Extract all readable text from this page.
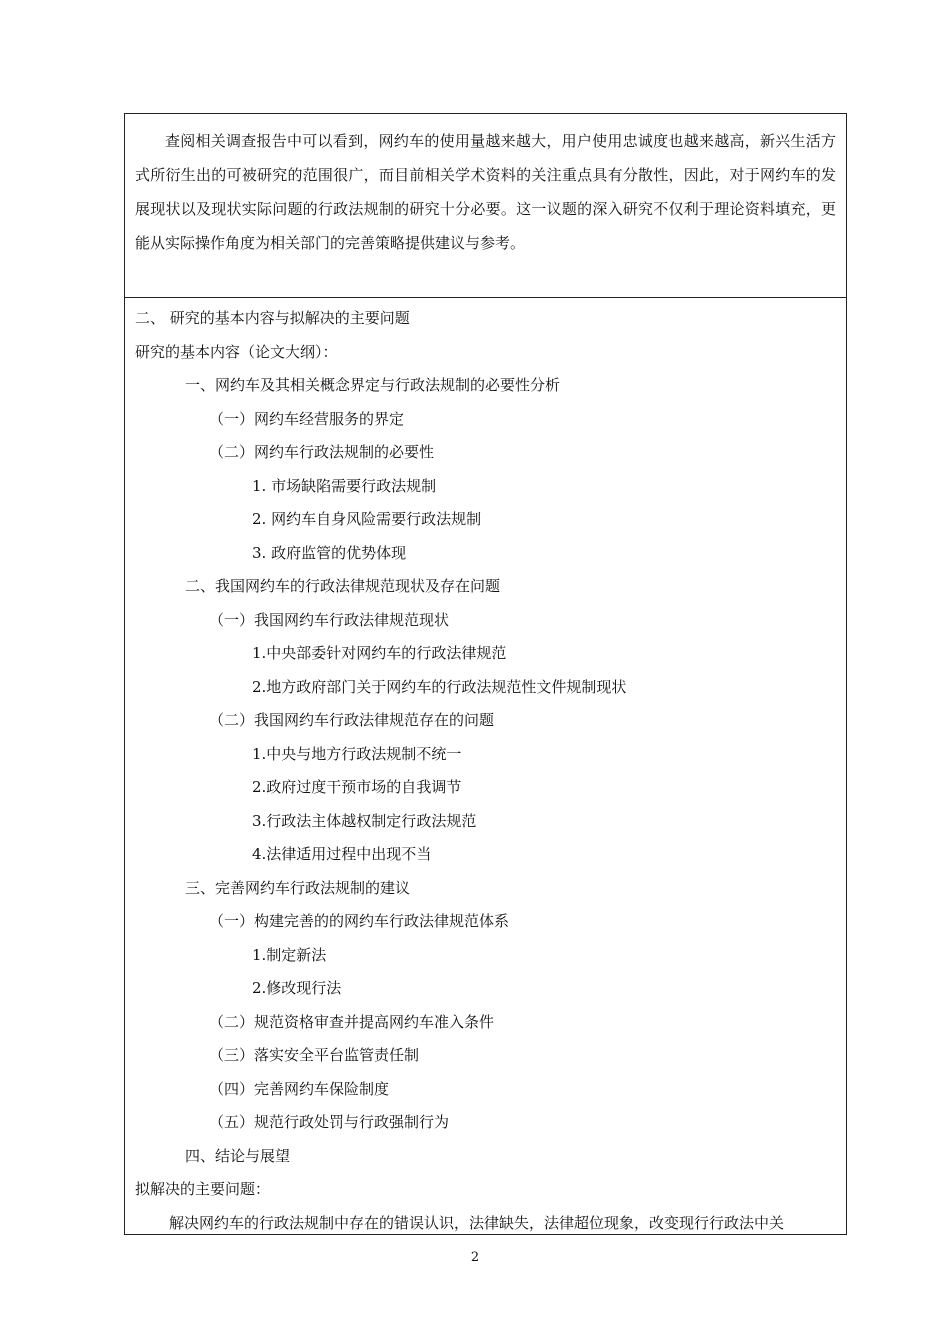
查阅相关调查报告中可以看到，网约车的使用量越来越大，用户使用忠诚度也越来越高，新兴生活方式所衍生出的可被研究的范围很广，而目前相关学术资料的关注重点具有分散性，因此，对于网约车的发展现状以及现状实际问题的行政法规制的研究十分必要。这一议题的深入研究不仅利于理论资料填充，更能从实际操作角度为相关部门的完善策略提供建议与参考。

二、 研究的基本内容与拟解决的主要问题
研究的基本内容（论文大纲）：
一、网约车及其相关概念界定与行政法规制的必要性分析
（一）网约车经营服务的界定
（二）网约车行政法规制的必要性
1. 市场缺陷需要行政法规制
2. 网约车自身风险需要行政法规制
3. 政府监管的优势体现
二、我国网约车的行政法律规范现状及存在问题
（一）我国网约车行政法律规范现状
1.中央部委针对网约车的行政法律规范
2.地方政府部门关于网约车的行政法规范性文件规制现状
（二）我国网约车行政法律规范存在的问题
1.中央与地方行政法规制不统一
2.政府过度干预市场的自我调节
3.行政法主体越权制定行政法规范
4.法律适用过程中出现不当
三、完善网约车行政法规制的建议
（一）构建完善的的网约车行政法律规范体系
1.制定新法
2.修改现行法
（二）规范资格审查并提高网约车准入条件
（三）落实安全平台监管责任制
（四）完善网约车保险制度
（五）规范行政处罚与行政强制行为
四、结论与展望
拟解决的主要问题：
解决网约车的行政法规制中存在的错误认识，法律缺失，法律超位现象，改变现行行政法中关
2
